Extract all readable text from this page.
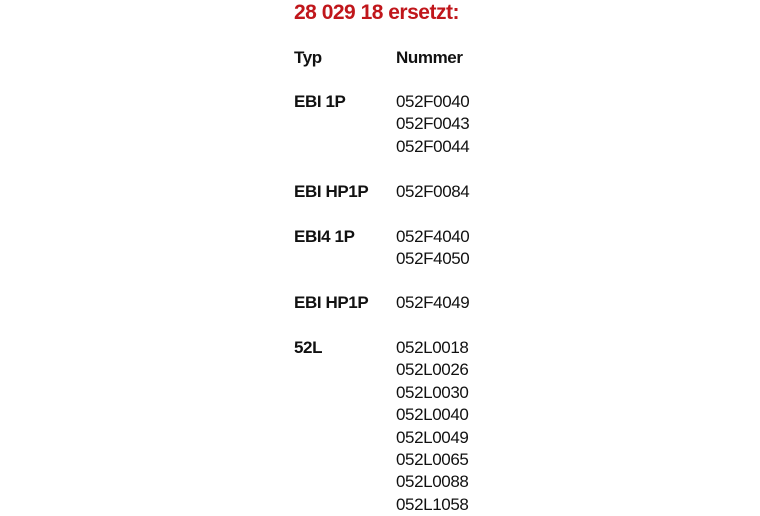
28 029 18 ersetzt:
Typ	Nummer
EBI 1P	052F0040
052F0043
052F0044
EBI HP1P 052F0084
EBI4 1P 052F4040
052F4050
EBI HP1P 052F4049
52L	052L0018
052L0026
052L0030
052L0040
052L0049
052L0065
052L0088
052L1058
